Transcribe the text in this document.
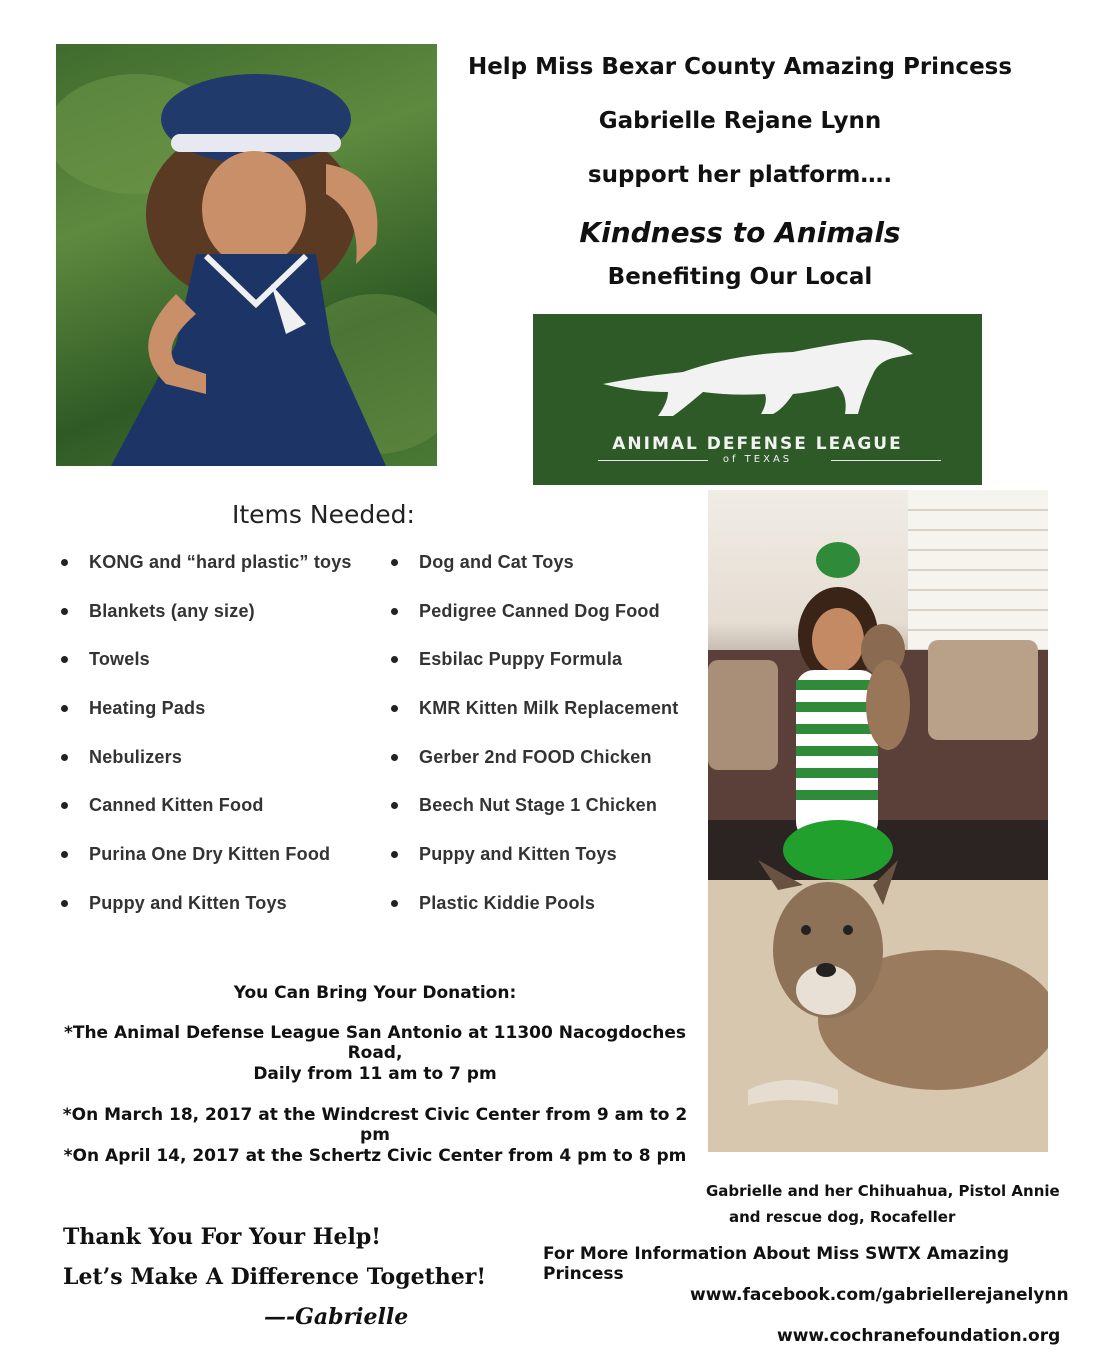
Help Miss Bexar County Amazing Princess
Gabrielle Rejane Lynn
support her platform….
Kindness to Animals
Benefiting Our Local
ANIMAL DEFENSE LEAGUE
of TEXAS
Items Needed:
KONG and “hard plastic” toys
Blankets (any size)
Towels
Heating Pads
Nebulizers
Canned Kitten Food
Purina One Dry Kitten Food
Puppy and Kitten Toys
Dog and Cat Toys
Pedigree Canned Dog Food
Esbilac Puppy Formula
KMR Kitten Milk Replacement
Gerber 2nd FOOD Chicken
Beech Nut Stage 1 Chicken
Puppy and Kitten Toys
Plastic Kiddie Pools
You Can Bring Your Donation:
*The Animal Defense League San Antonio at 11300 Nacogdoches Road,
Daily from 11 am to 7 pm
*On March 18, 2017 at the Windcrest Civic Center from 9 am to 2 pm
*On April 14, 2017 at the Schertz Civic Center from 4 pm to 8 pm
Thank You For Your Help!
Let’s Make A Difference Together!
—-Gabrielle
Gabrielle and her Chihuahua, Pistol Annie
and rescue dog, Rocafeller
For More Information About Miss SWTX Amazing Princess
www.facebook.com/gabriellerejanelynn
www.cochranefoundation.org
